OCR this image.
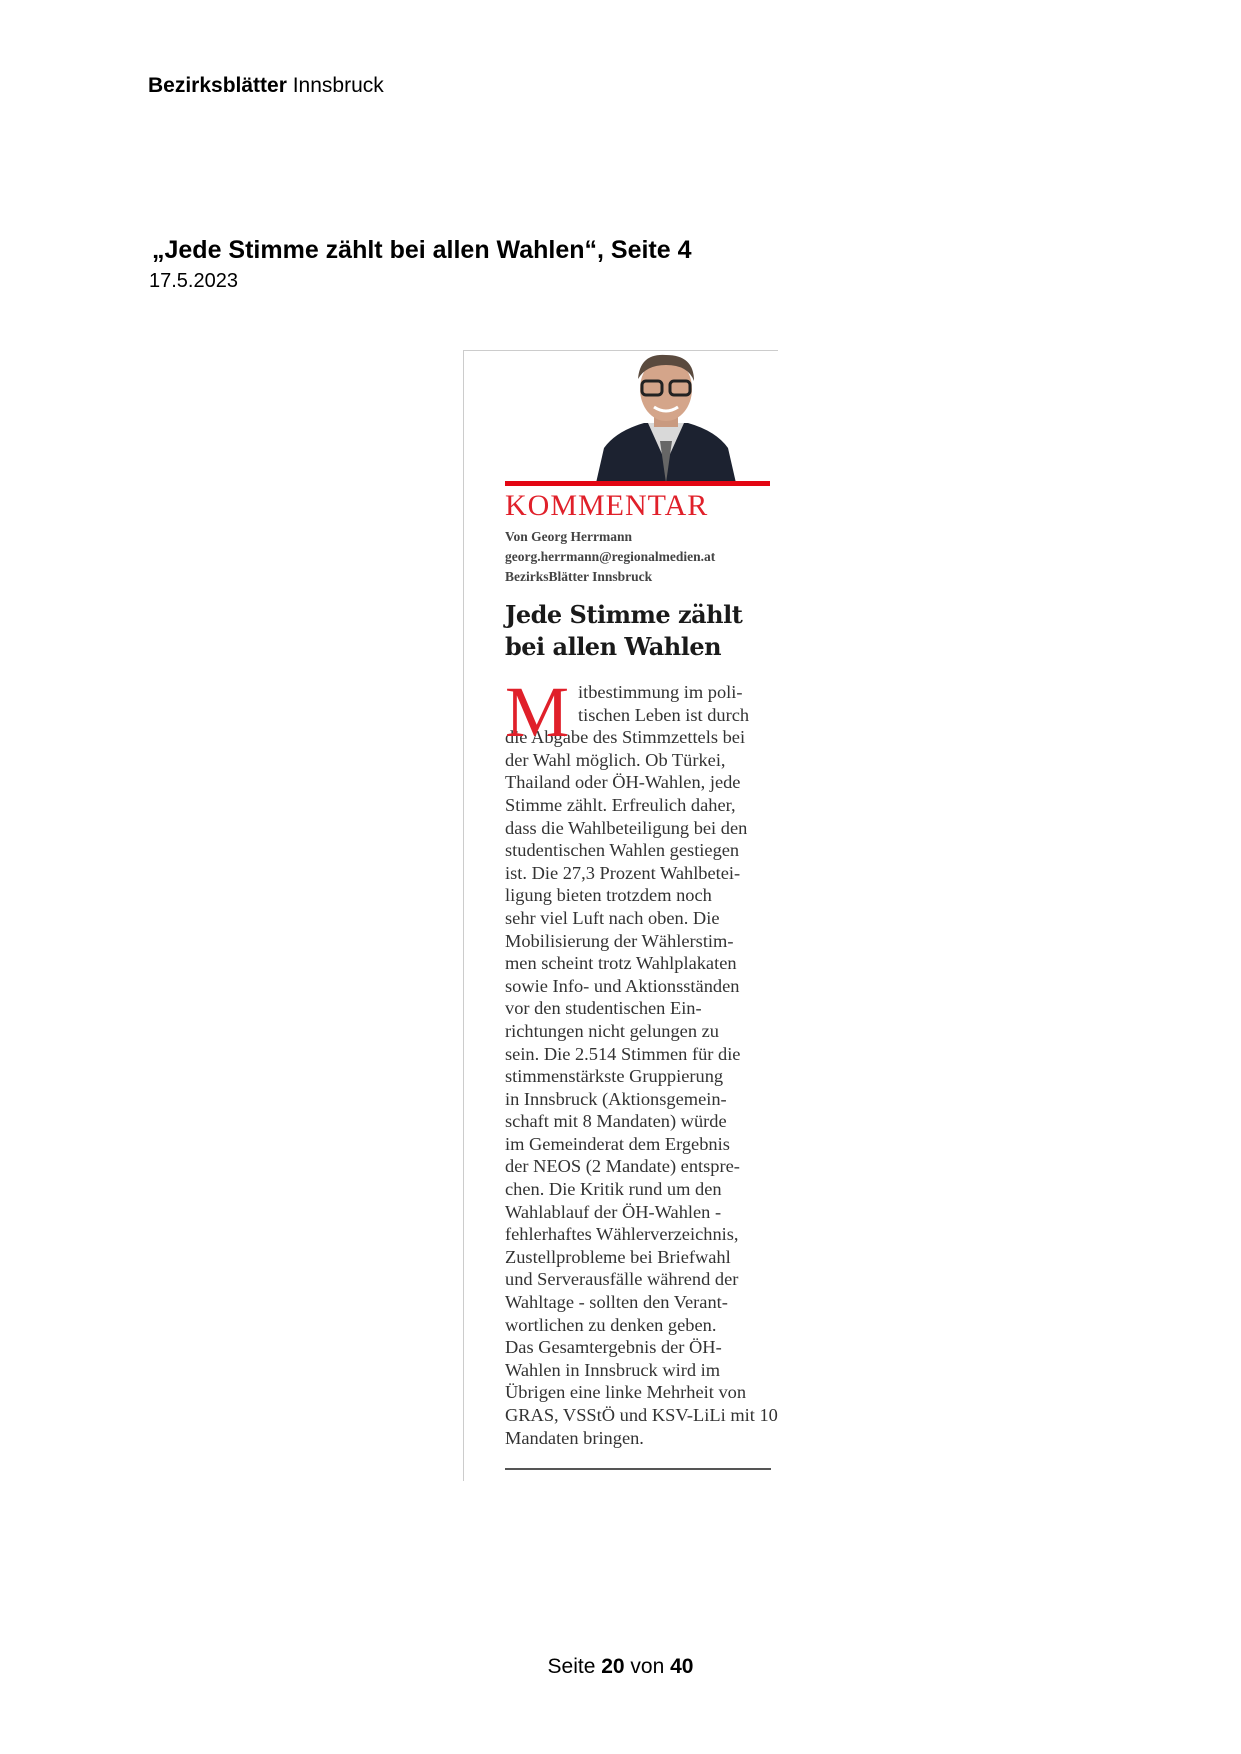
Bezirksblätter Innsbruck
„Jede Stimme zählt bei allen Wahlen“, Seite 4
17.5.2023
KOMMENTAR
Von Georg Herrmann
georg.herrmann@regionalmedien.at
BezirksBlätter Innsbruck
Jede Stimme zählt
bei allen Wahlen
M itbestimmung im poli-
tischen Leben ist durch
die Abgabe des Stimmzettels bei
der Wahl möglich. Ob Türkei,
Thailand oder ÖH-Wahlen, jede
Stimme zählt. Erfreulich daher,
dass die Wahlbeteiligung bei den
studentischen Wahlen gestiegen
ist. Die 27,3 Prozent Wahlbetei-
ligung bieten trotzdem noch
sehr viel Luft nach oben. Die
Mobilisierung der Wählerstim-
men scheint trotz Wahlplakaten
sowie Info- und Aktionsständen
vor den studentischen Ein-
richtungen nicht gelungen zu
sein. Die 2.514 Stimmen für die
stimmenstärkste Gruppierung
in Innsbruck (Aktionsgemein-
schaft mit 8 Mandaten) würde
im Gemeinderat dem Ergebnis
der NEOS (2 Mandate) entspre-
chen. Die Kritik rund um den
Wahlablauf der ÖH-Wahlen -
fehlerhaftes Wählerverzeichnis,
Zustellprobleme bei Briefwahl
und Serverausfälle während der
Wahltage - sollten den Verant-
wortlichen zu denken geben.
Das Gesamtergebnis der ÖH-
Wahlen in Innsbruck wird im
Übrigen eine linke Mehrheit von
GRAS, VSStÖ und KSV-LiLi mit 10
Mandaten bringen.
Seite 20 von 40
